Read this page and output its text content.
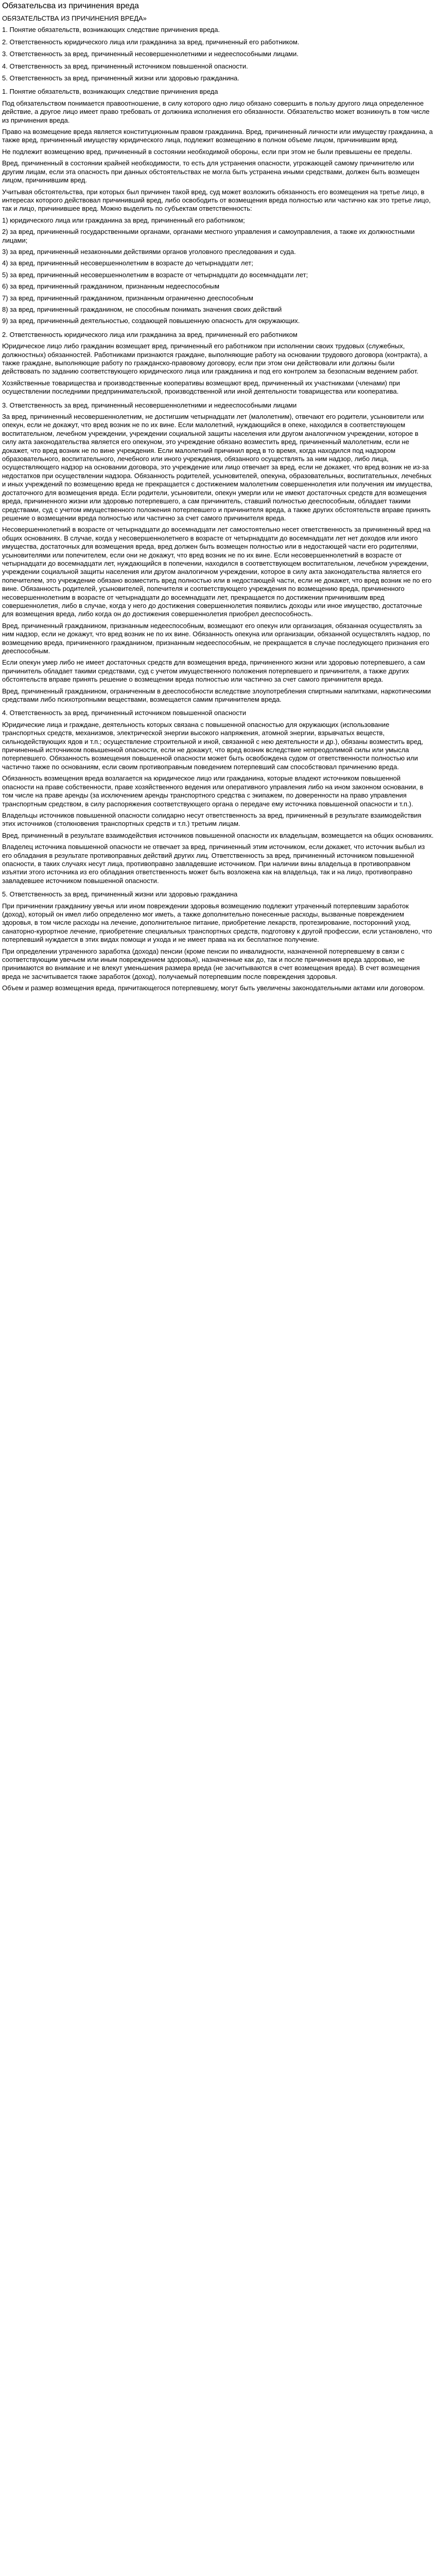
Обязательсва из причинения вреда
ОБЯЗАТЕЛЬСТВА ИЗ ПРИЧИНЕНИЯ ВРЕДА»

1. Понятие обязательств, возникающих следствие причинения вреда.

2. Ответственность юридического лица или гражданина за вред, причиненный его работником.

3. Ответственность за вред, причиненный несовершеннолетними и недееспособными лицами.

4. Ответственность за вред, причиненный источником повышенной опасности.

5. Ответственность за вред, причиненный жизни или здоровью гражданина.

1. Понятие обязательств, возникающих следствие причинения вреда

Под обязательством понимается правоотношение, в силу которого одно лицо обязано совершить в пользу другого лица определенное действие, а другое лицо имеет право требовать от должника исполнения его обязанности. Обязательство может возникнуть в том числе из причинения вреда.

Право на возмещение вреда является конституционным правом гражданина. Вред, причиненный личности или имуществу гражданина, а также вред, причиненный имуществу юридического лица, подлежит возмещению в полном объеме лицом, причинившим вред.

Не подлежит возмещению вред, причиненный в состоянии необходимой обороны, если при этом не были превышены ее пределы.

Вред, причиненный в состоянии крайней необходимости, то есть для устранения опасности, угрожающей самому причинителю или другим лицам, если эта опасность при данных обстоятельствах не могла быть устранена иными средствами, должен быть возмещен лицом, причинившим вред.

Учитывая обстоятельства, при которых был причинен такой вред, суд может возложить обязанность его возмещения на третье лицо, в интересах которого действовал причинивший вред, либо освободить от возмещения вреда полностью или частично как это третье лицо, так и лицо, причинившее вред. Можно выделить по субъектам ответственность:

1) юридического лица или гражданина за вред, причиненный его работником;

2) за вред, причиненный государственными органами, органами местного управления и самоуправления, а также их должностными лицами;

3) за вред, причиненный незаконными действиями органов уголовного преследования и суда.

4) за вред, причиненный несовершеннолетним в возрасте до четырнадцати лет;

5) за вред, причиненный несовершеннолетним в возрасте от четырнадцати до восемнадцати лет;

6) за вред, причиненный гражданином, признанным недееспособным

7) за вред, причиненный гражданином, признанным ограниченно дееспособным

8) за вред, причиненный гражданином, не способным понимать значения своих действий

9) за вред, причиненный деятельностью, создающей повышенную опасность для окружающих.

2. Ответственность юридического лица или гражданина за вред, причиненный его работником

Юридическое лицо либо гражданин возмещает вред, причиненный его работником при исполнении своих трудовых (служебных, должностных) обязанностей. Работниками признаются граждане, выполняющие работу на основании трудового договора (контракта), а также граждане, выполняющие работу по гражданско-правовому договору, если при этом они действовали или должны были действовать по заданию соответствующего юридического лица или гражданина и под его контролем за безопасным ведением работ.

Хозяйственные товарищества и производственные кооперативы возмещают вред, причиненный их участниками (членами) при осуществлении последними предпринимательской, производственной или иной деятельности товарищества или кооператива.

3. Ответственность за вред, причиненный несовершеннолетними и недееспособными лицами

За вред, причиненный несовершеннолетним, не достигшим четырнадцати лет (малолетним), отвечают его родители, усыновители или опекун, если не докажут, что вред возник не по их вине. Если малолетний, нуждающийся в опеке, находился в соответствующем воспитательном, лечебном учреждении, учреждении социальной защиты населения или другом аналогичном учреждении, которое в силу акта законодательства является его опекуном, это учреждение обязано возместить вред, причиненный малолетним, если не докажет, что вред возник не по вине учреждения. Если малолетний причинил вред в то время, когда находился под надзором образовательного, воспитательного, лечебного или иного учреждения, обязанного осуществлять за ним надзор, либо лица, осуществляющего надзор на основании договора, это учреждение или лицо отвечает за вред, если не докажет, что вред возник не из-за недостатков при осуществлении надзора. Обязанность родителей, усыновителей, опекуна, образовательных, воспитательных, лечебных и иных учреждений по возмещению вреда не прекращается с достижением малолетним совершеннолетия или получения им имущества, достаточного для возмещения вреда. Если родители, усыновители, опекун умерли или не имеют достаточных средств для возмещения вреда, причиненного жизни или здоровью потерпевшего, а сам причинитель, ставший полностью дееспособным, обладает такими средствами, суд с учетом имущественного положения потерпевшего и причинителя вреда, а также других обстоятельств вправе принять решение о возмещении вреда полностью или частично за счет самого причинителя вреда.

Несовершеннолетний в возрасте от четырнадцати до восемнадцати лет самостоятельно несет ответственность за причиненный вред на общих основаниях. В случае, когда у несовершеннолетнего в возрасте от четырнадцати до восемнадцати лет нет доходов или иного имущества, достаточных для возмещения вреда, вред должен быть возмещен полностью или в недостающей части его родителями, усыновителями или попечителем, если они не докажут, что вред возник не по их вине. Если несовершеннолетний в возрасте от четырнадцати до восемнадцати лет, нуждающийся в попечении, находился в соответствующем воспитательном, лечебном учреждении, учреждении социальной защиты населения или другом аналогичном учреждении, которое в силу акта законодательства является его попечителем, это учреждение обязано возместить вред полностью или в недостающей части, если не докажет, что вред возник не по его вине. Обязанность родителей, усыновителей, попечителя и соответствующего учреждения по возмещению вреда, причиненного несовершеннолетним в возрасте от четырнадцати до восемнадцати лет, прекращается по достижении причинившим вред совершеннолетия, либо в случае, когда у него до достижения совершеннолетия появились доходы или иное имущество, достаточные для возмещения вреда, либо когда он до достижения совершеннолетия приобрел дееспособность.

Вред, причиненный гражданином, признанным недееспособным, возмещают его опекун или организация, обязанная осуществлять за ним надзор, если не докажут, что вред возник не по их вине. Обязанность опекуна или организации, обязанной осуществлять надзор, по возмещению вреда, причиненного гражданином, признанным недееспособным, не прекращается в случае последующего признания его дееспособным.

Если опекун умер либо не имеет достаточных средств для возмещения вреда, причиненного жизни или здоровью потерпевшего, а сам причинитель обладает такими средствами, суд с учетом имущественного положения потерпевшего и причинителя, а также других обстоятельств вправе принять решение о возмещении вреда полностью или частично за счет самого причинителя вреда.

Вред, причиненный гражданином, ограниченным в дееспособности вследствие злоупотребления спиртными напитками, наркотическими средствами либо психотропными веществами, возмещается самим причинителем вреда.

4. Ответственность за вред, причиненный источником повышенной опасности

Юридические лица и граждане, деятельность которых связана с повышенной опасностью для окружающих (использование транспортных средств, механизмов, электрической энергии высокого напряжения, атомной энергии, взрывчатых веществ, сильнодействующих ядов и т.п.; осуществление строительной и иной, связанной с нею деятельности и др.), обязаны возместить вред, причиненный источником повышенной опасности, если не докажут, что вред возник вследствие непреодолимой силы или умысла потерпевшего. Обязанность возмещения повышенной опасности может быть освобождена судом от ответственности полностью или частично также по основаниям, если своим противоправным поведением потерпевший сам способствовал причинению вреда.

Обязанность возмещения вреда возлагается на юридическое лицо или гражданина, которые владеют источником повышенной опасности на праве собственности, праве хозяйственного ведения или оперативного управления либо на ином законном основании, в том числе на праве аренды (за исключением аренды транспортного средства с экипажем, по доверенности на право управления транспортным средством, в силу распоряжения соответствующего органа о передаче ему источника повышенной опасности и т.п.).

Владельцы источников повышенной опасности солидарно несут ответственность за вред, причиненный в результате взаимодействия этих источников (столкновения транспортных средств и т.п.) третьим лицам.

Вред, причиненный в результате взаимодействия источников повышенной опасности их владельцам, возмещается на общих основаниях.

Владелец источника повышенной опасности не отвечает за вред, причиненный этим источником, если докажет, что источник выбыл из его обладания в результате противоправных действий других лиц. Ответственность за вред, причиненный источником повышенной опасности, в таких случаях несут лица, противоправно завладевшие источником. При наличии вины владельца в противоправном изъятии этого источника из его обладания ответственность может быть возложена как на владельца, так и на лицо, противоправно завладевшее источником повышенной опасности.

5. Ответственность за вред, причиненный жизни или здоровью гражданина

При причинении гражданину увечья или ином повреждении здоровья возмещению подлежит утраченный потерпевшим заработок (доход), который он имел либо определенно мог иметь, а также дополнительно понесенные расходы, вызванные повреждением здоровья, в том числе расходы на лечение, дополнительное питание, приобретение лекарств, протезирование, посторонний уход, санаторно-курортное лечение, приобретение специальных транспортных средств, подготовку к другой профессии, если установлено, что потерпевший нуждается в этих видах помощи и ухода и не имеет права на их бесплатное получение.

При определении утраченного заработка (дохода) пенсии (кроме пенсии по инвалидности, назначенной потерпевшему в связи с соответствующим увечьем или иным повреждением здоровья), назначенные как до, так и после причинения вреда здоровью, не принимаются во внимание и не влекут уменьшения размера вреда (не засчитываются в счет возмещения вреда). В счет возмещения вреда не засчитывается также заработок (доход), получаемый потерпевшим после повреждения здоровья.

Объем и размер возмещения вреда, причитающегося потерпевшему, могут быть увеличены законодательными актами или договором.
